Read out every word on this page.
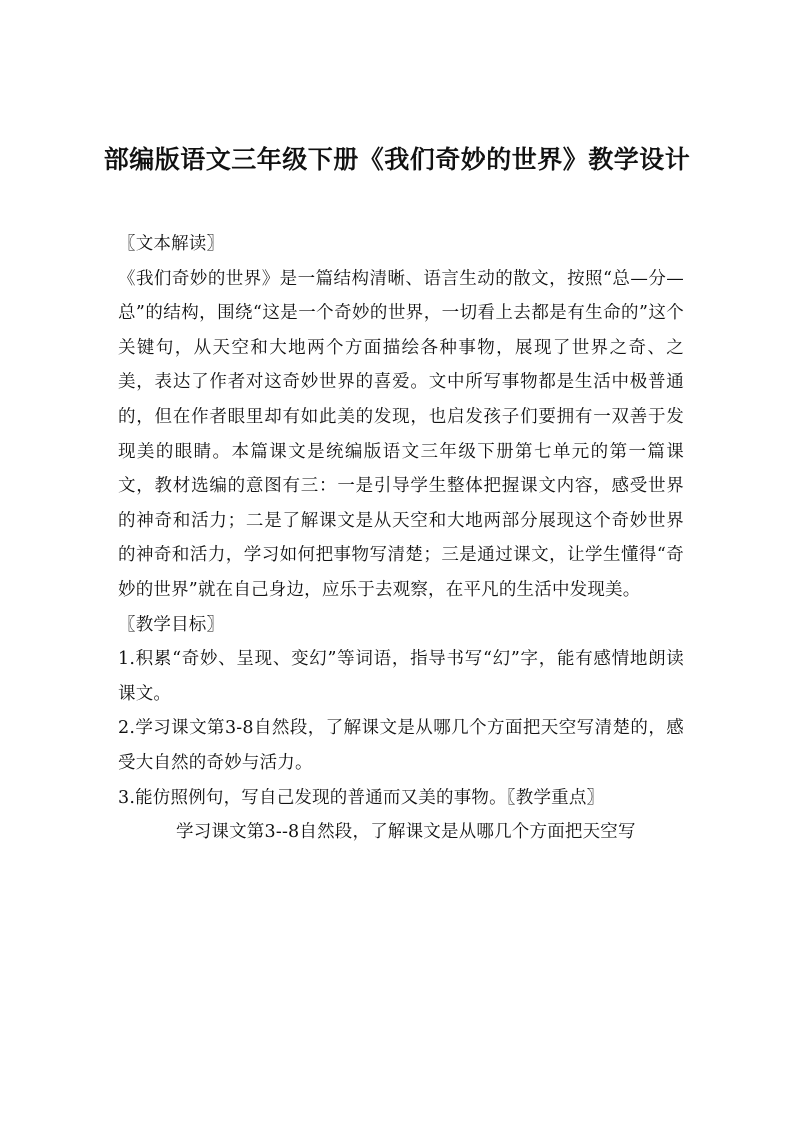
部编版语文三年级下册《我们奇妙的世界》教学设计

〖文本解读〗

《我们奇妙的世界》是一篇结构清晰、语言生动的散文，按照“总—分—总”的结构，围绕“这是一个奇妙的世界，一切看上去都是有生命的”这个关键句，从天空和大地两个方面描绘各种事物，展现了世界之奇、之美，表达了作者对这奇妙世界的喜爱。文中所写事物都是生活中极普通的，但在作者眼里却有如此美的发现，也启发孩子们要拥有一双善于发现美的眼睛。本篇课文是统编版语文三年级下册第七单元的第一篇课文，教材选编的意图有三：一是引导学生整体把握课文内容，感受世界的神奇和活力；二是了解课文是从天空和大地两部分展现这个奇妙世界的神奇和活力，学习如何把事物写清楚；三是通过课文，让学生懂得“奇妙的世界”就在自己身边，应乐于去观察，在平凡的生活中发现美。

〖教学目标〗

1.积累“奇妙、呈现、变幻”等词语，指导书写“幻”字，能有感情地朗读课文。

2.学习课文第3-8自然段，了解课文是从哪几个方面把天空写清楚的，感受大自然的奇妙与活力。

3.能仿照例句，写自己发现的普通而又美的事物。〖教学重点〗

学习课文第3--8自然段，了解课文是从哪几个方面把天空写
